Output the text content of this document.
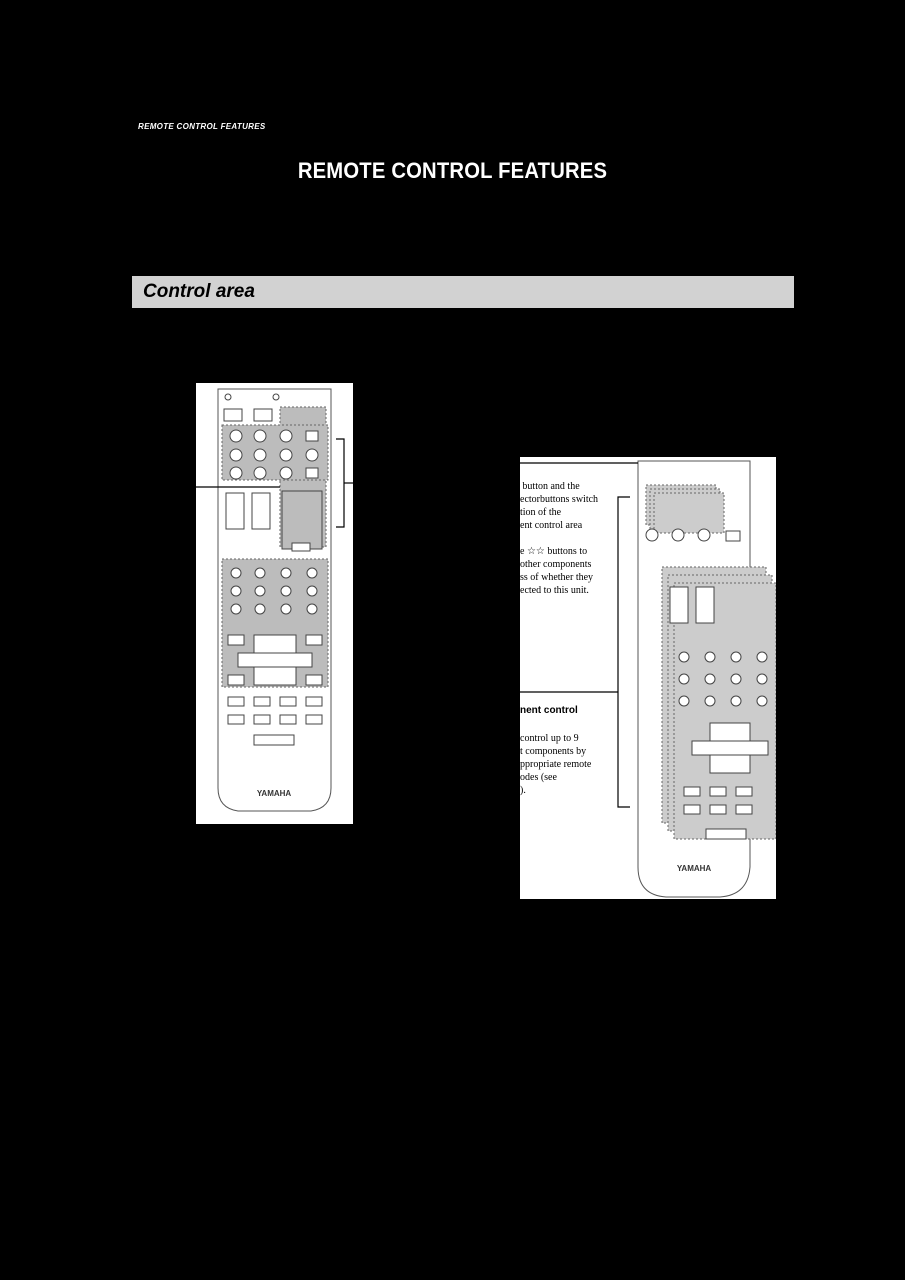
REMOTE CONTROL FEATURES
REMOTE CONTROL FEATURES
Control area
YAMAHA
YAMAHA
☆☆ button and the
ectorbuttons switch
tion of the
ent control area
e ☆☆ buttons to
other components
ss of whether they
ected to this unit.
nent control
control up to 9
t components by
ppropriate remote
odes (see
).
